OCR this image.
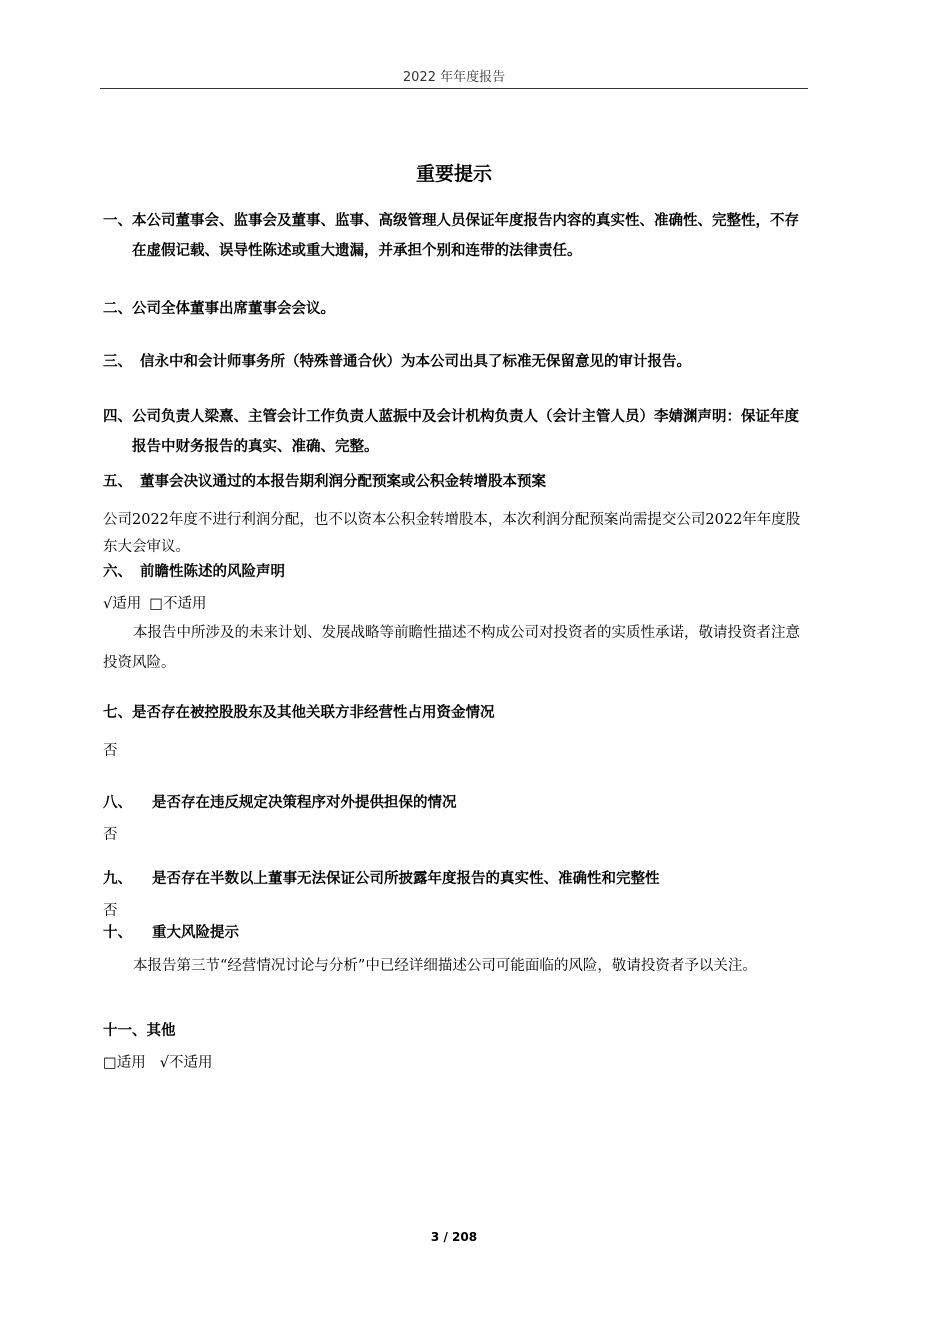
2022 年年度报告
重要提示
一、 本公司董事会、监事会及董事、监事、高级管理人员保证年度报告内容的真实性、准确性、完整性，不存在虚假记载、误导性陈述或重大遗漏，并承担个别和连带的法律责任。
二、公司全体董事出席董事会会议。
三、 信永中和会计师事务所（特殊普通合伙）为本公司出具了标准无保留意见的审计报告。
四、 公司负责人梁熹、主管会计工作负责人蓝振中及会计机构负责人（会计主管人员）李婧渊声明：保证年度报告中财务报告的真实、准确、完整。
五、 董事会决议通过的本报告期利润分配预案或公积金转增股本预案
公司2022年度不进行利润分配，也不以资本公积金转增股本，本次利润分配预案尚需提交公司2022年年度股东大会审议。
六、 前瞻性陈述的风险声明
√适用 □不适用
本报告中所涉及的未来计划、发展战略等前瞻性描述不构成公司对投资者的实质性承诺，敬请投资者注意投资风险。
七、是否存在被控股股东及其他关联方非经营性占用资金情况
否
八、 是否存在违反规定决策程序对外提供担保的情况
否
九、 是否存在半数以上董事无法保证公司所披露年度报告的真实性、准确性和完整性
否
十、 重大风险提示
本报告第三节“经营情况讨论与分析”中已经详细描述公司可能面临的风险，敬请投资者予以关注。
十一、其他
□适用 √不适用
3 / 208
